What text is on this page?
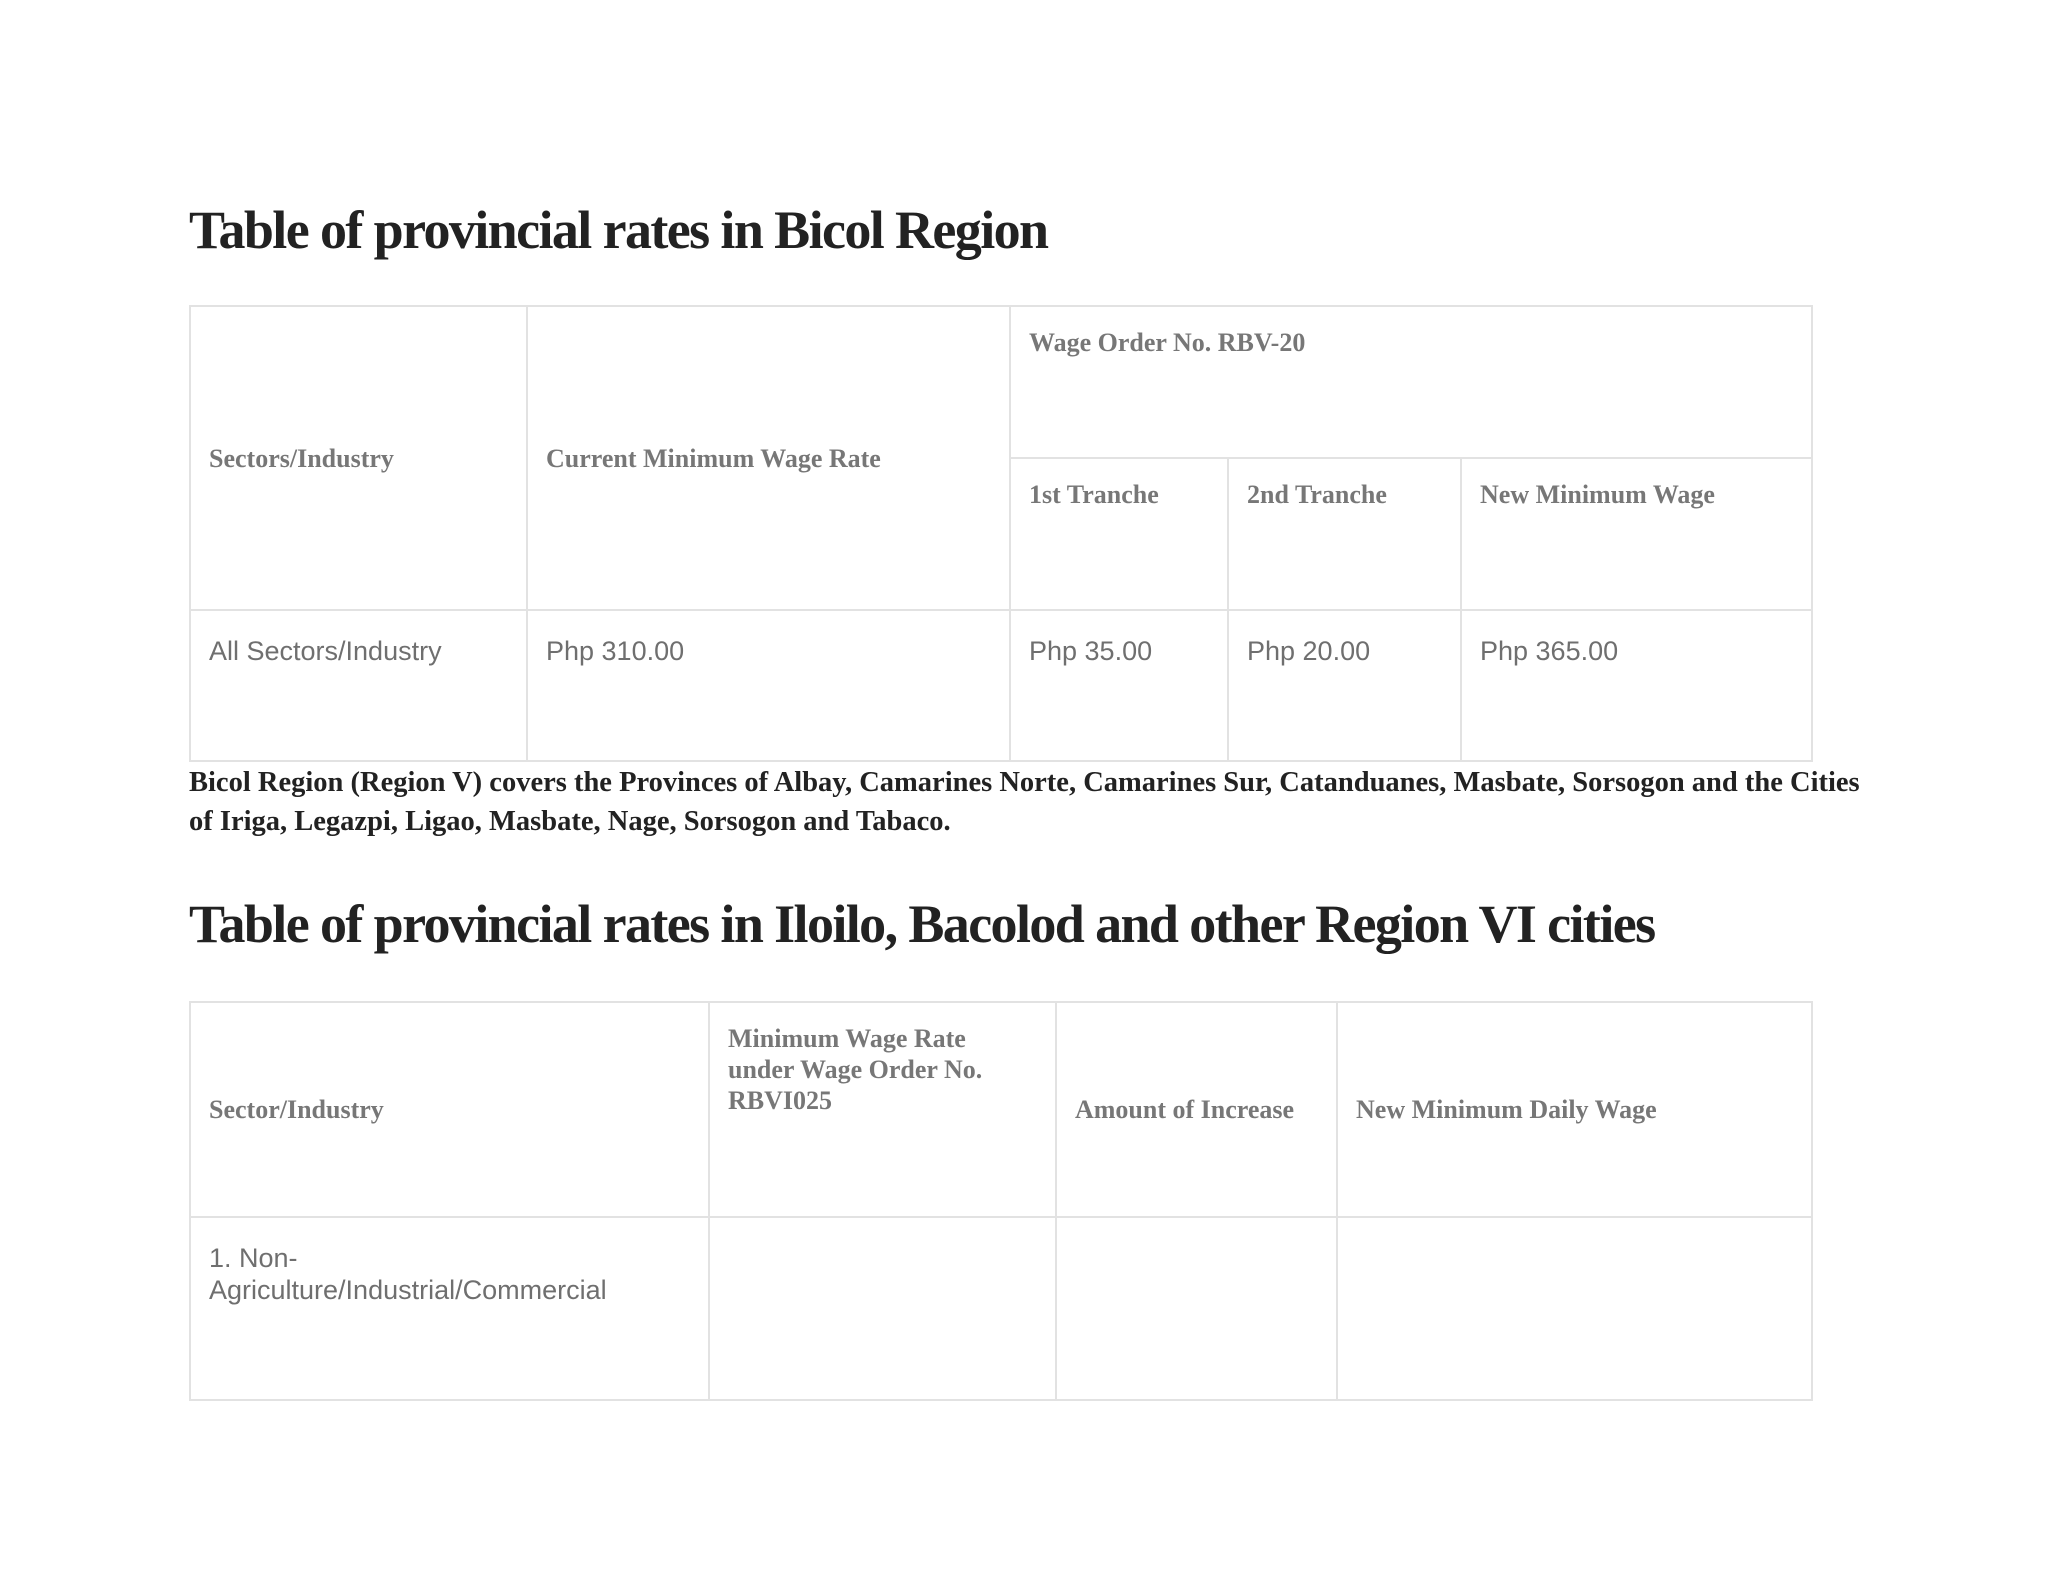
Table of provincial rates in Bicol Region
Sectors/Industry	Current Minimum Wage Rate	Wage Order No. RBV-20		
		1st Tranche	2nd Tranche	New Minimum Wage
All Sectors/Industry	Php 310.00	Php 35.00	Php 20.00	Php 365.00

Bicol Region (Region V) covers the Provinces of Albay, Camarines Norte, Camarines Sur, Catanduanes, Masbate, Sorsogon and the Cities of Iriga, Legazpi, Ligao, Masbate, Nage, Sorsogon and Tabaco.

Table of provincial rates in Iloilo, Bacolod and other Region VI cities
Sector/Industry	Minimum Wage Rate under Wage Order No. RBVI025	Amount of Increase	New Minimum Daily Wage
1. Non-Agriculture/Industrial/Commercial			
